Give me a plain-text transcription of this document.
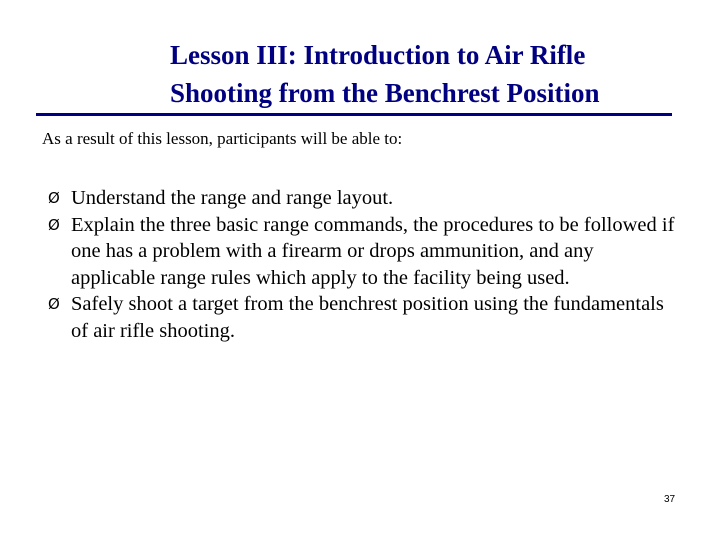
Lesson III: Introduction to Air Rifle
Shooting from the Benchrest Position

As a result of this lesson, participants will be able to:

Ø Understand the range and range layout.
Ø Explain the three basic range commands, the procedures to be followed if one has a problem with a firearm or drops ammunition, and any applicable range rules which apply to the facility being used.
Ø Safely shoot a target from the benchrest position using the fundamentals of air rifle shooting.
37
